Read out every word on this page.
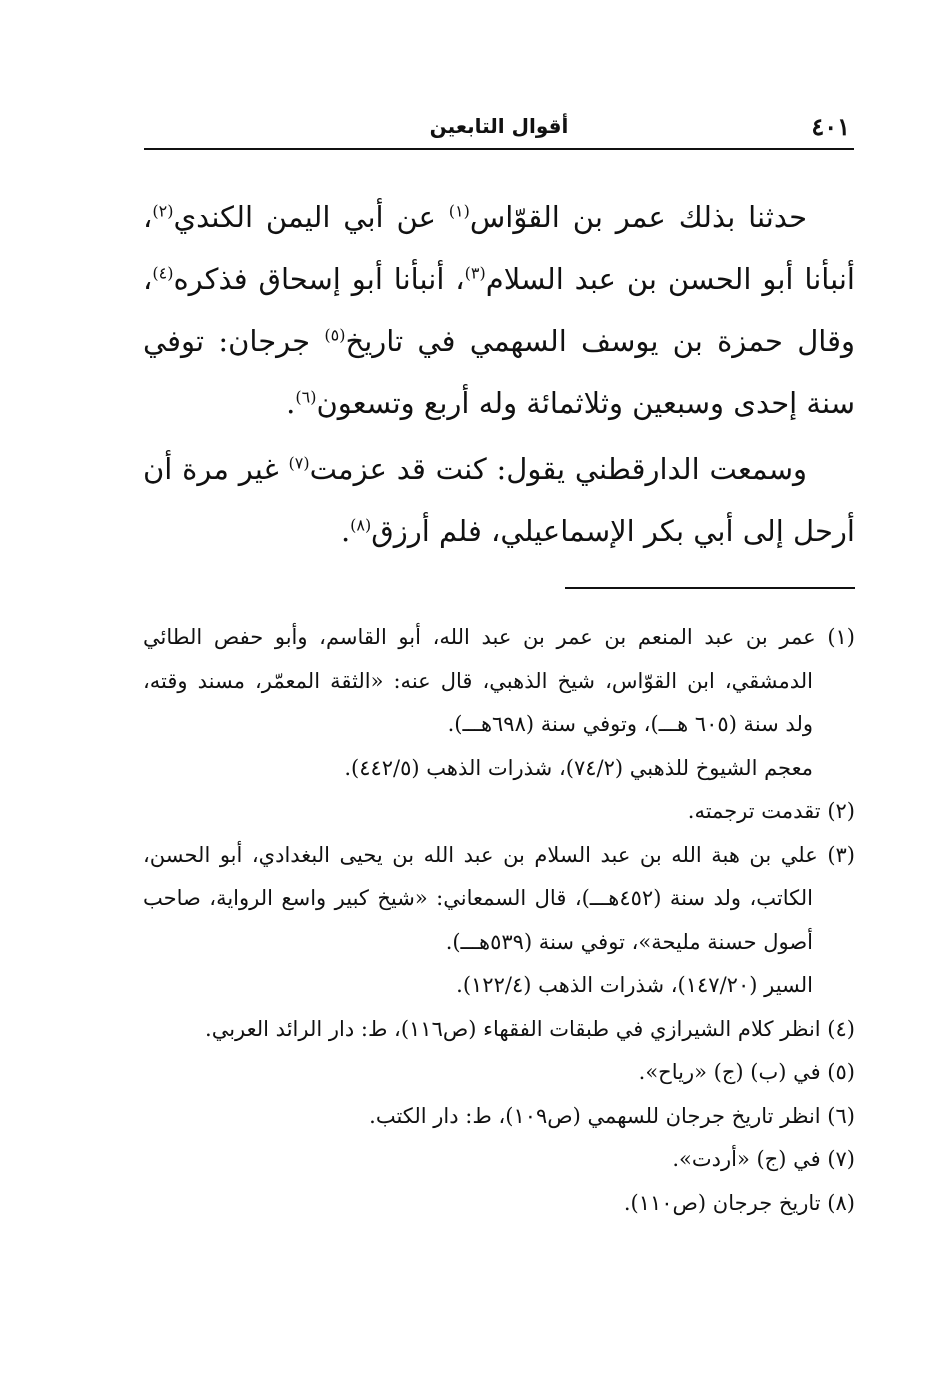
٤٠١
أقوال التابعين

حدثنا بذلك عمر بن القوّاس$^{(١)}$ عن أبي اليمن الكندي$^{(٢)}$، أنبأنا أبو الحسن بن عبد السلام$^{(٣)}$، أنبأنا أبو إسحاق فذكره$^{(٤)}$، وقال حمزة بن يوسف السهمي في تاريخ$^{(٥)}$ جرجان: توفي سنة إحدى وسبعين وثلاثمائة وله أربع وتسعون$^{(٦)}$.

وسمعت الدارقطني يقول: كنت قد عزمت$^{(٧)}$ غير مرة أن أرحل إلى أبي بكر الإسماعيلي، فلم أرزق$^{(٨)}$.

(١) عمر بن عبد المنعم بن عمر بن عبد الله، أبو القاسم، وأبو حفص الطائي الدمشقي، ابن القوّاس، شيخ الذهبي، قال عنه: «الثقة المعمّر، مسند وقته، ولد سنة (٦٠٥ هـــ)، وتوفي سنة (٦٩٨هـــ).

معجم الشيوخ للذهبي (٧٤/٢)، شذرات الذهب (٤٤٢/٥).

(٢) تقدمت ترجمته.

(٣) علي بن هبة الله بن عبد السلام بن عبد الله بن يحيى البغدادي، أبو الحسن، الكاتب، ولد سنة (٤٥٢هـــ)، قال السمعاني: «شيخ كبير واسع الرواية، صاحب أصول حسنة مليحة»، توفي سنة (٥٣٩هـــ).

السير (١٤٧/٢٠)، شذرات الذهب (١٢٢/٤).

(٤) انظر كلام الشيرازي في طبقات الفقهاء (ص١١٦)، ط: دار الرائد العربي.

(٥) في (ب) (ج) «رياح».

(٦) انظر تاريخ جرجان للسهمي (ص١٠٩)، ط: دار الكتب.

(٧) في (ج) «أردت».

(٨) تاريخ جرجان (ص١١٠).
